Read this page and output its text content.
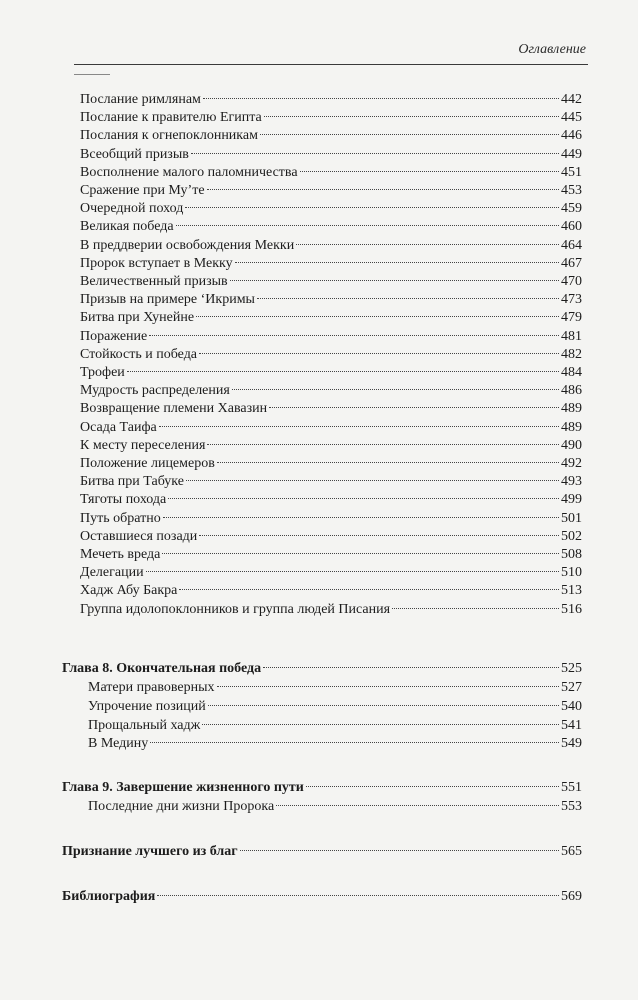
Оглавление
Послание римлянам	442
Послание к правителю Египта	445
Послания к огнепоклонникам	446
Всеобщий призыв	449
Восполнение малого паломничества	451
Сражение при Му’те	453
Очередной поход	459
Великая победа	460
В преддверии освобождения Мекки	464
Пророк вступает в Мекку	467
Величественный призыв	470
Призыв на примере ‘Икримы	473
Битва при Хунейне	479
Поражение	481
Стойкость и победа	482
Трофеи	484
Мудрость распределения	486
Возвращение племени Хавазин	489
Осада Таифа	489
К месту переселения	490
Положение лицемеров	492
Битва при Табуке	493
Тяготы похода	499
Путь обратно	501
Оставшиеся позади	502
Мечеть вреда	508
Делегации	510
Хадж Абу Бакра	513
Группа идолопоклонников и группа людей Писания	516
Глава 8. Окончательная победа	525
Матери правоверных	527
Упрочение позиций	540
Прощальный хадж	541
В Медину	549
Глава 9. Завершение жизненного пути	551
Последние дни жизни Пророка	553
Признание лучшего из благ	565
Библиография	569
